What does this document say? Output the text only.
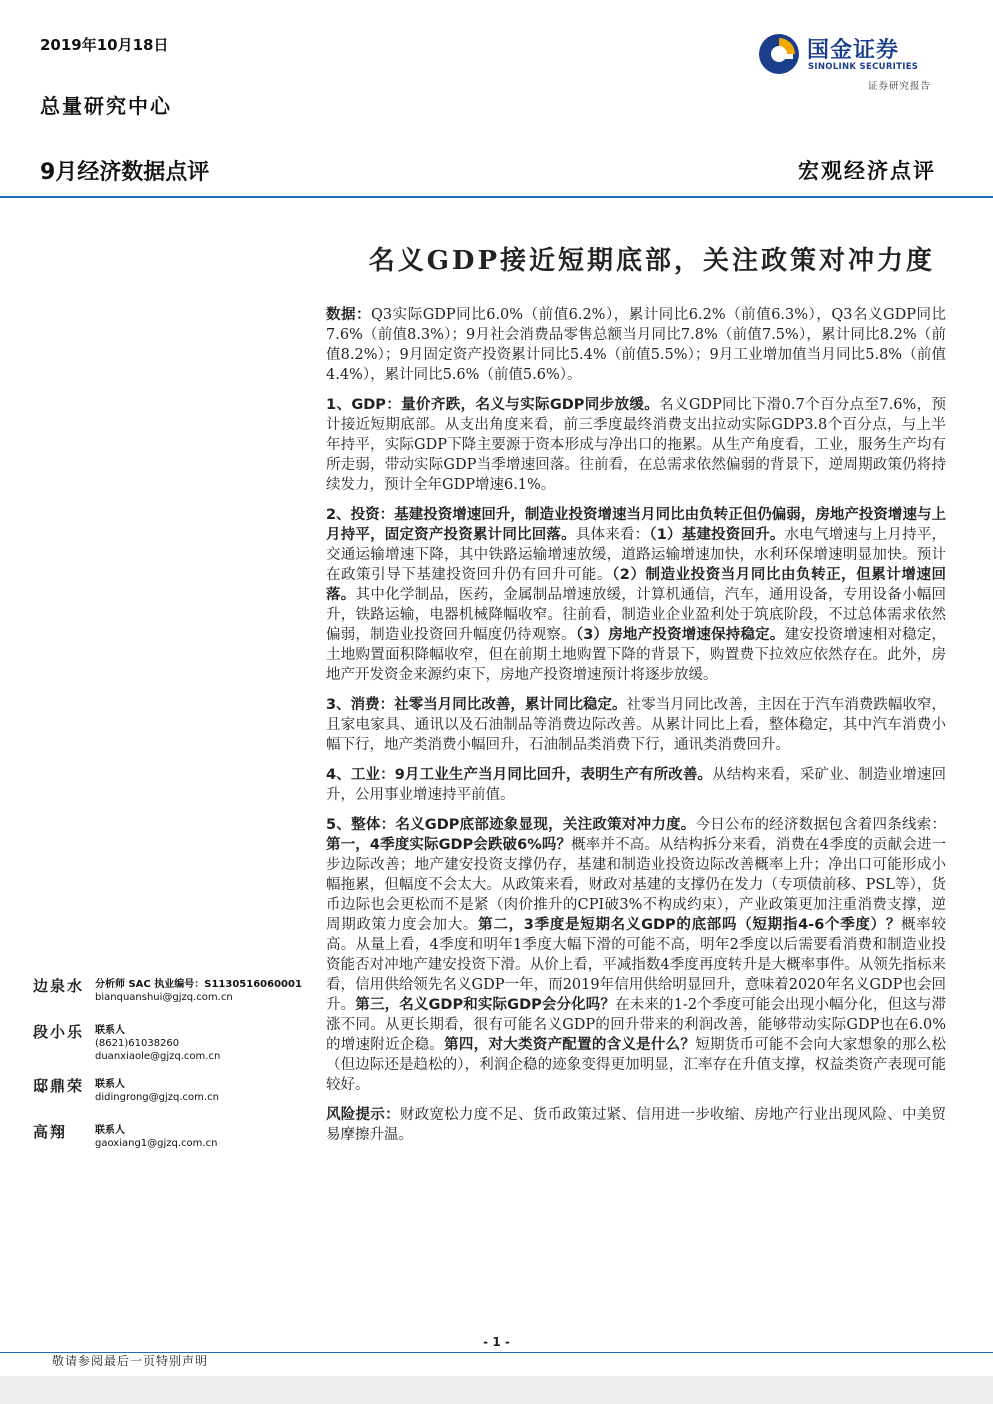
2019年10月18日
总量研究中心
国金证券
SINOLINK SECURITIES
证券研究报告
9月经济数据点评	宏观经济点评
名义GDP接近短期底部，关注政策对冲力度

数据：Q3实际GDP同比6.0%（前值6.2%），累计同比6.2%（前值6.3%），Q3名义GDP同比7.6%（前值8.3%）；9月社会消费品零售总额当月同比7.8%（前值7.5%），累计同比8.2%（前值8.2%）；9月固定资产投资累计同比5.4%（前值5.5%）；9月工业增加值当月同比5.8%（前值4.4%），累计同比5.6%（前值5.6%）。

1、GDP：量价齐跌，名义与实际GDP同步放缓。名义GDP同比下滑0.7个百分点至7.6%，预计接近短期底部。从支出角度来看，前三季度最终消费支出拉动实际GDP3.8个百分点，与上半年持平，实际GDP下降主要源于资本形成与净出口的拖累。从生产角度看，工业，服务生产均有所走弱，带动实际GDP当季增速回落。往前看，在总需求依然偏弱的背景下，逆周期政策仍将持续发力，预计全年GDP增速6.1%。

2、投资：基建投资增速回升，制造业投资增速当月同比由负转正但仍偏弱，房地产投资增速与上月持平，固定资产投资累计同比回落。具体来看：（1）基建投资回升。水电气增速与上月持平，交通运输增速下降，其中铁路运输增速放缓，道路运输增速加快，水利环保增速明显加快。预计在政策引导下基建投资回升仍有回升可能。（2）制造业投资当月同比由负转正，但累计增速回落。其中化学制品，医药，金属制品增速放缓，计算机通信，汽车，通用设备，专用设备小幅回升，铁路运输，电器机械降幅收窄。往前看，制造业企业盈利处于筑底阶段，不过总体需求依然偏弱，制造业投资回升幅度仍待观察。（3）房地产投资增速保持稳定。建安投资增速相对稳定，土地购置面积降幅收窄，但在前期土地购置下降的背景下，购置费下拉效应依然存在。此外，房地产开发资金来源约束下，房地产投资增速预计将逐步放缓。

3、消费：社零当月同比改善，累计同比稳定。社零当月同比改善，主因在于汽车消费跌幅收窄，且家电家具、通讯以及石油制品等消费边际改善。从累计同比上看，整体稳定，其中汽车消费小幅下行，地产类消费小幅回升，石油制品类消费下行，通讯类消费回升。

4、工业：9月工业生产当月同比回升，表明生产有所改善。从结构来看，采矿业、制造业增速回升，公用事业增速持平前值。

5、整体：名义GDP底部迹象显现，关注政策对冲力度。今日公布的经济数据包含着四条线索：第一，4季度实际GDP会跌破6%吗？概率并不高。从结构拆分来看，消费在4季度的贡献会进一步边际改善；地产建安投资支撑仍存，基建和制造业投资边际改善概率上升；净出口可能形成小幅拖累，但幅度不会太大。从政策来看，财政对基建的支撑仍在发力（专项债前移、PSL等），货币边际也会更松而不是紧（肉价推升的CPI破3%不构成约束），产业政策更加注重消费支撑，逆周期政策力度会加大。第二，3季度是短期名义GDP的底部吗（短期指4-6个季度）？概率较高。从量上看，4季度和明年1季度大幅下滑的可能不高，明年2季度以后需要看消费和制造业投资能否对冲地产建安投资下滑。从价上看，平减指数4季度再度转升是大概率事件。从领先指标来看，信用供给领先名义GDP一年，而2019年信用供给明显回升，意味着2020年名义GDP也会回升。第三，名义GDP和实际GDP会分化吗？在未来的1-2个季度可能会出现小幅分化，但这与滞涨不同。从更长期看，很有可能名义GDP的回升带来的利润改善，能够带动实际GDP也在6.0%的增速附近企稳。第四，对大类资产配置的含义是什么？短期货币可能不会向大家想象的那么松（但边际还是趋松的），利润企稳的迹象变得更加明显，汇率存在升值支撑，权益类资产表现可能较好。

风险提示：财政宽松力度不足、货币政策过紧、信用进一步收缩、房地产行业出现风险、中美贸易摩擦升温。

边泉水 分析师 SAC 执业编号：S1130516060001
bianquanshui@gjzq.com.cn
段小乐 联系人
(8621)61038260
duanxiaole@gjzq.com.cn
邸鼎荣 联系人
didingrong@gjzq.com.cn
高翔	联系人
gaoxiang1@gjzq.com.cn
- 1 -
敬请参阅最后一页特别声明
